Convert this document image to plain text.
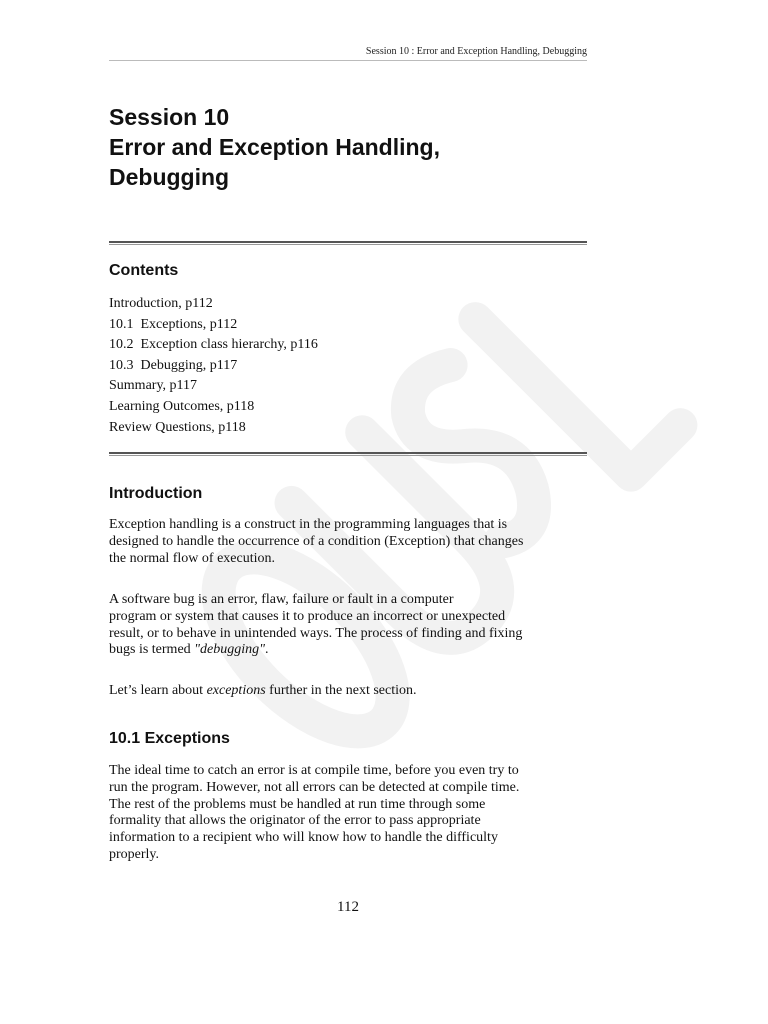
Session 10 : Error and Exception Handling, Debugging
Session 10
Error and Exception Handling,
Debugging
Contents
Introduction, p112
10.1  Exceptions, p112
10.2  Exception class hierarchy, p116
10.3  Debugging, p117
Summary, p117
Learning Outcomes, p118
Review Questions, p118
Introduction

Exception handling is a construct in the programming languages that is
designed to handle the occurrence of a condition (Exception) that changes
the normal flow of execution.

A software bug is an error, flaw, failure or fault in a computer
program or system that causes it to produce an incorrect or unexpected
result, or to behave in unintended ways. The process of finding and fixing
bugs is termed "debugging".

Let’s learn about exceptions further in the next section.

10.1 Exceptions

The ideal time to catch an error is at compile time, before you even try to
run the program. However, not all errors can be detected at compile time.
The rest of the problems must be handled at run time through some
formality that allows the originator of the error to pass appropriate
information to a recipient who will know how to handle the difficulty
properly.

112
